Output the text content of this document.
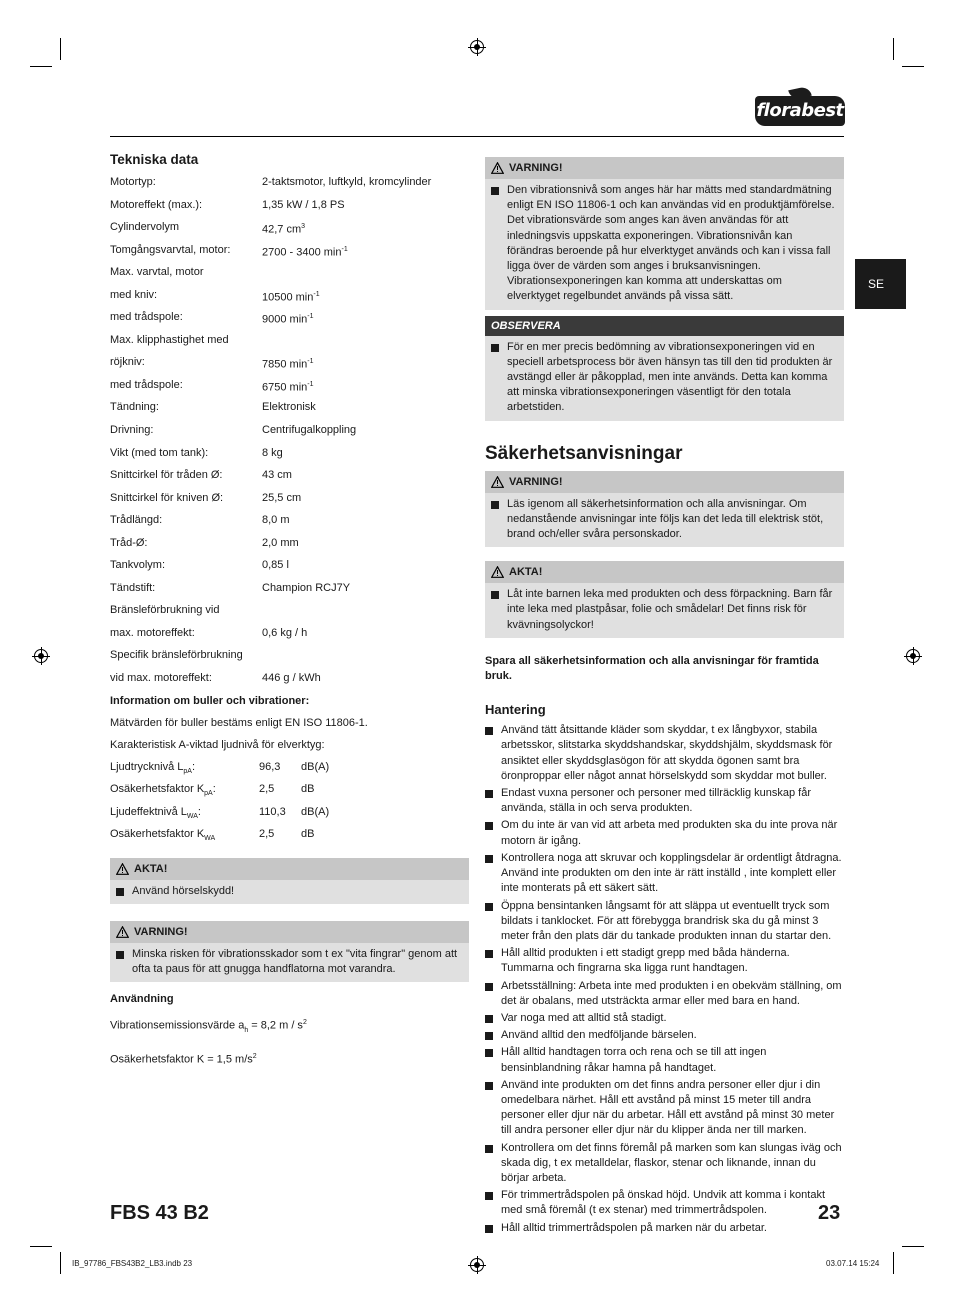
florabest
SE
Tekniska data
Motortyp:	2-taktsmotor, luftkyld, kromcylinder
Motoreffekt (max.):	1,35 kW / 1,8 PS
Cylindervolym	42,7 $cm^3$
Tomgångsvarvtal, motor:	2700 - 3400 $\min^{-1}$
Max. varvtal, motor
med kniv:	10500 $\min^{-1}$
med trådspole:	9000 $\min^{-1}$
Max. klipphastighet med
röjkniv:	7850 $\min^{-1}$
med trådspole:	6750 $\min^{-1}$
Tändning:	Elektronisk
Drivning:	Centrifugalkoppling
Vikt (med tom tank):	8 kg
Snittcirkel för tråden Ø:	43 cm
Snittcirkel för kniven Ø:	25,5 cm
Trådlängd:	8,0 m
Tråd-Ø:	2,0 mm
Tankvolym:	0,85 l
Tändstift:	Champion RCJ7Y
Bränsleförbrukning vid
max. motoreffekt:	0,6 kg / h
Specifik bränsleförbrukning
vid max. motoreffekt:	446 g / kWh
Information om buller och vibrationer:
Mätvärden för buller bestäms enligt EN ISO 11806-1.
Karakteristisk A-viktad ljudnivå för elverktyg:
Ljudtrycknivå $L_{pA}$:	96,3 dB(A)
Osäkerhetsfaktor $K_{pA}$:	2,5 dB
Ljudeffektnivå $L_{WA}$:	110,3 dB(A)
Osäkerhetsfaktor $K_{WA}$	2,5 dB
AKTA!
Använd hörselskydd!
VARNING!
Minska risken för vibrationsskador som t ex "vita fingrar" genom att ofta ta paus för att gnugga handflatorna mot varandra.
Användning
Vibrationsemissionsvärde $a_h = 8,2$ m / $s^2$
Osäkerhetsfaktor K = 1,5 $m/s^2$
VARNING!
Den vibrationsnivå som anges här har mätts med standardmätning enligt EN ISO 11806-1 och kan användas vid en produktjämförelse. Det vibrationsvärde som anges kan även användas för att inledningsvis uppskatta exponeringen. Vibrationsnivån kan förändras beroende på hur elverktyget används och kan i vissa fall ligga över de värden som anges i bruksanvisningen. Vibrationsexponeringen kan komma att underskattas om elverktyget regelbundet används på vissa sätt.
OBSERVERA
För en mer precis bedömning av vibrationsexponeringen vid en speciell arbetsprocess bör även hänsyn tas till den tid produkten är avstängd eller är påkopplad, men inte används. Detta kan komma att minska vibrationsexponeringen väsentligt för den totala arbetstiden.
Säkerhetsanvisningar
VARNING!
Läs igenom all säkerhetsinformation och alla anvisningar. Om nedanstående anvisningar inte följs kan det leda till elektrisk stöt, brand och/eller svåra personskador.
AKTA!
Låt inte barnen leka med produkten och dess förpackning. Barn får inte leka med plastpåsar, folie och smådelar! Det finns risk för kvävningsolyckor!

Spara all säkerhetsinformation och alla anvisningar för framtida bruk.

Hantering
Använd tätt åtsittande kläder som skyddar, t ex långbyxor, stabila arbetsskor, slitstarka skyddshandskar, skyddshjälm, skyddsmask för ansiktet eller skyddsglasögon för att skydda ögonen samt bra öronproppar eller något annat hörselskydd som skyddar mot buller.
Endast vuxna personer och personer med tillräcklig kunskap får använda, ställa in och serva produkten.
Om du inte är van vid att arbeta med produkten ska du inte prova när motorn är igång.
Kontrollera noga att skruvar och kopplingsdelar är ordentligt åtdragna. Använd inte produkten om den inte är rätt inställd , inte komplett eller inte monterats på ett säkert sätt.
Öppna bensintanken långsamt för att släppa ut eventuellt tryck som bildats i tanklocket. För att förebygga brandrisk ska du gå minst 3 meter från den plats där du tankade produkten innan du startar den.
Håll alltid produkten i ett stadigt grepp med båda händerna. Tummarna och fingrarna ska ligga runt handtagen.
Arbetsställning: Arbeta inte med produkten i en obekväm ställning, om det är obalans, med utsträckta armar eller med bara en hand.
Var noga med att alltid stå stadigt.
Använd alltid den medföljande bärselen.
Håll alltid handtagen torra och rena och se till att ingen bensinblandning råkar hamna på handtaget.
Använd inte produkten om det finns andra personer eller djur i din omedelbara närhet. Håll ett avstånd på minst 15 meter till andra personer eller djur när du arbetar. Håll ett avstånd på minst 30 meter till andra personer eller djur när du klipper ända ner till marken.
Kontrollera om det finns föremål på marken som kan slungas iväg och skada dig, t ex metalldelar, flaskor, stenar och liknande, innan du börjar arbeta.
För trimmertrådspolen på önskad höjd. Undvik att komma i kontakt med små föremål (t ex stenar) med trimmertrådspolen.
Håll alltid trimmertrådspolen på marken när du arbetar.
FBS 43 B2	23
IB_97786_FBS43B2_LB3.indb 23	03.07.14 15:24
